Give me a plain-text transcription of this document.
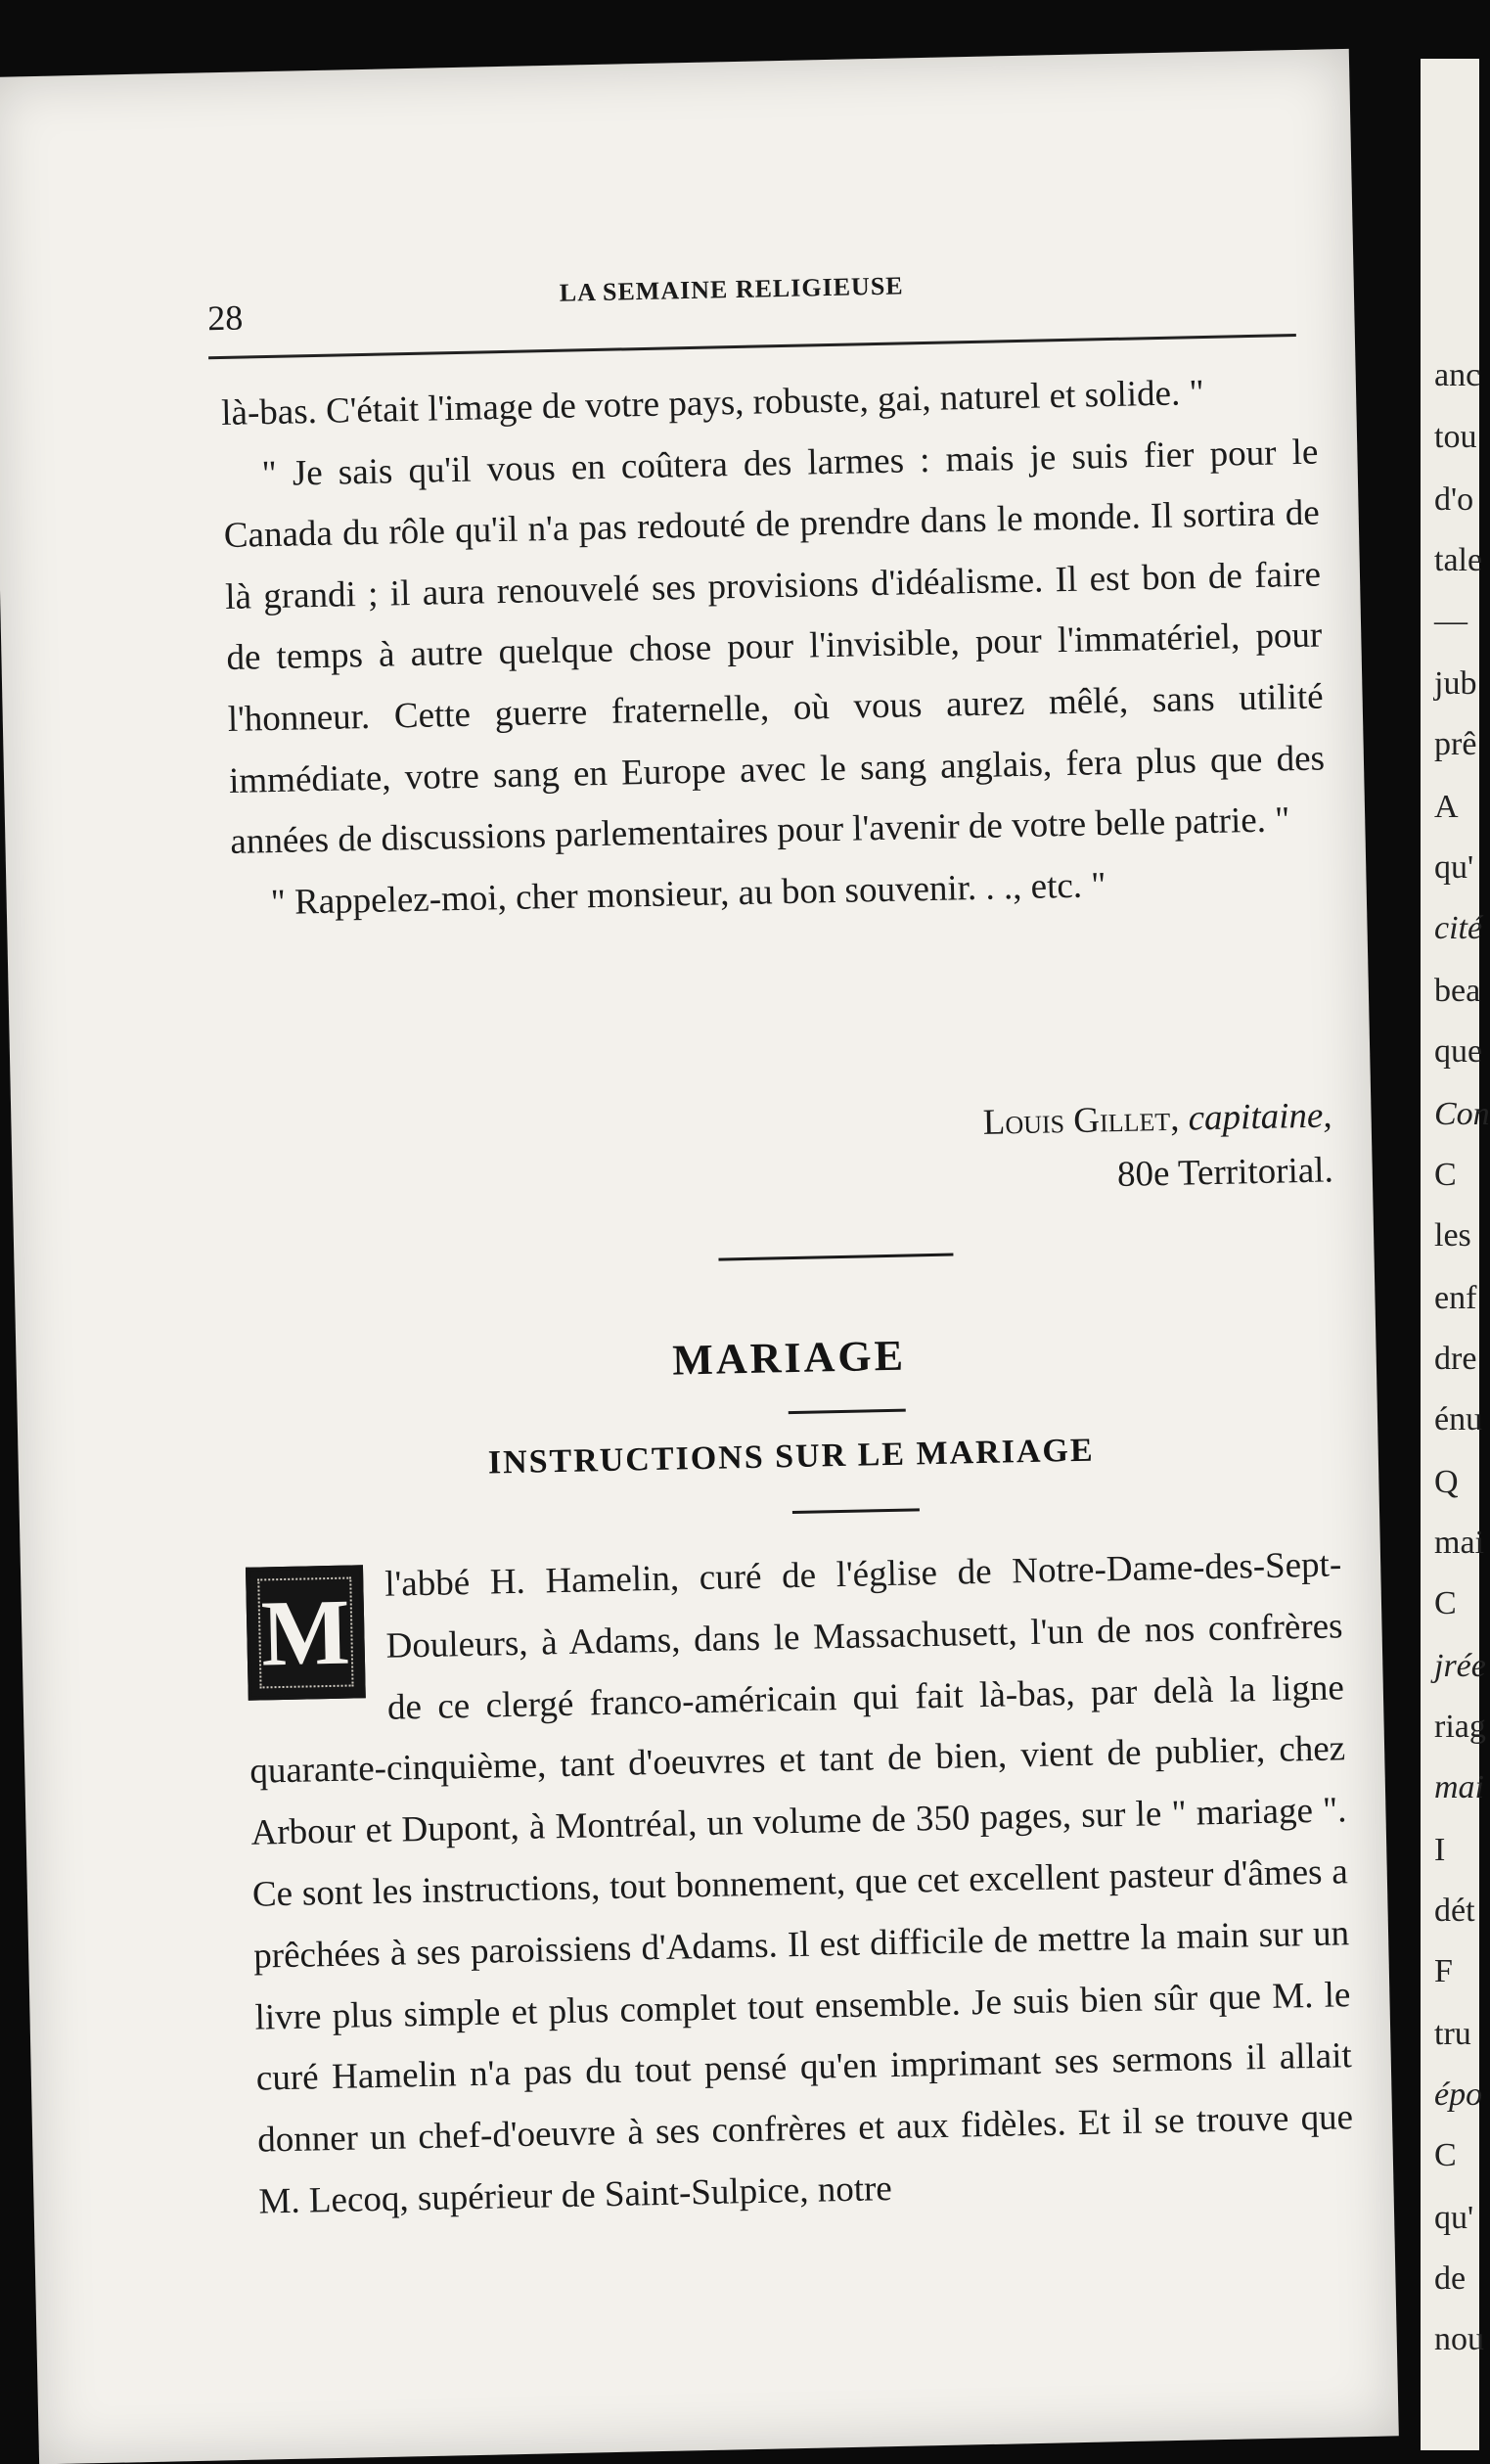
28
LA SEMAINE RELIGIEUSE

là-bas. C'était l'image de votre pays, robuste, gai, naturel et solide. "

" Je sais qu'il vous en coûtera des larmes : mais je suis fier pour le Canada du rôle qu'il n'a pas redouté de prendre dans le monde. Il sortira de là grandi ; il aura renouvelé ses provisions d'idéalisme. Il est bon de faire de temps à autre quelque chose pour l'invisible, pour l'immatériel, pour l'honneur. Cette guerre fraternelle, où vous aurez mêlé, sans utilité immédiate, votre sang en Europe avec le sang anglais, fera plus que des années de discussions parlementaires pour l'avenir de votre belle patrie. "

" Rappelez-moi, cher monsieur, au bon souvenir. . ., etc. "

Louis Gillet, capitaine,
80e Territorial.
MARIAGE
INSTRUCTIONS SUR LE MARIAGE
M
l'abbé H. Hamelin, curé de l'église de Notre-Dame-des-Sept-Douleurs, à Adams, dans le Massachusett, l'un de nos confrères de ce clergé franco-américain qui fait là-bas, par delà la ligne quarante-cinquième, tant d'oeuvres et tant de bien, vient de publier, chez Arbour et Dupont, à Montréal, un volume de 350 pages, sur le " mariage ". Ce sont les instructions, tout bonnement, que cet excellent pasteur d'âmes a prêchées à ses paroissiens d'Adams. Il est difficile de mettre la main sur un livre plus simple et plus complet tout ensemble. Je suis bien sûr que M. le curé Hamelin n'a pas du tout pensé qu'en imprimant ses sermons il allait donner un chef-d'oeuvre à ses confrères et aux fidèles. Et il se trouve que M. Lecoq, supérieur de Saint-Sulpice, notre
anc
tou
d'o
tale
—
jub
prê
A
qu'
cité
bea
que
Con
C
les
enf
dre
énu
Q
mai
C
jrée
riag
mai
I
dét
F
tru
épo
C
qu'
de
nou
